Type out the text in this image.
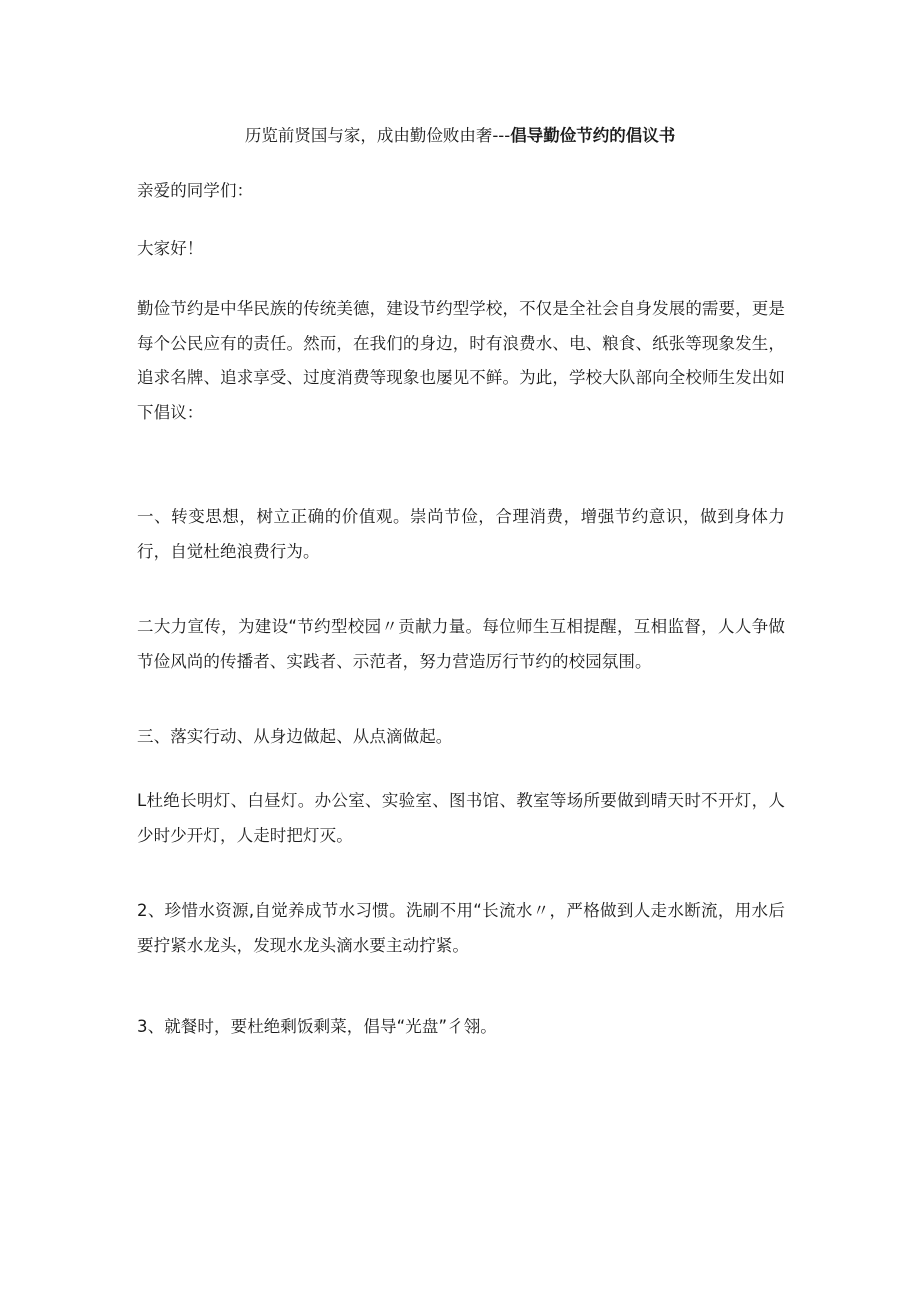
历览前贤国与家，成由勤俭败由奢---倡导勤俭节约的倡议书

亲爱的同学们：

大家好！

勤俭节约是中华民族的传统美德，建设节约型学校，不仅是全社会自身发展的需要，更是每个公民应有的责任。然而，在我们的身边，时有浪费水、电、粮食、纸张等现象发生，追求名牌、追求享受、过度消费等现象也屡见不鲜。为此，学校大队部向全校师生发出如下倡议：

一、转变思想，树立正确的价值观。崇尚节俭，合理消费，增强节约意识，做到身体力行，自觉杜绝浪费行为。

二大力宣传，为建设“节约型校园〃贡献力量。每位师生互相提醒，互相监督，人人争做节俭风尚的传播者、实践者、示范者，努力营造厉行节约的校园氛围。

三、落实行动、从身边做起、从点滴做起。

L杜绝长明灯、白昼灯。办公室、实验室、图书馆、教室等场所要做到晴天时不开灯，人少时少开灯，人走时把灯灭。

2、珍惜水资源,自觉养成节水习惯。洗刷不用“长流水〃，严格做到人走水断流，用水后要拧紧水龙头，发现水龙头滴水要主动拧紧。

3、就餐时，要杜绝剩饭剩菜，倡导“光盘”彳翎。
